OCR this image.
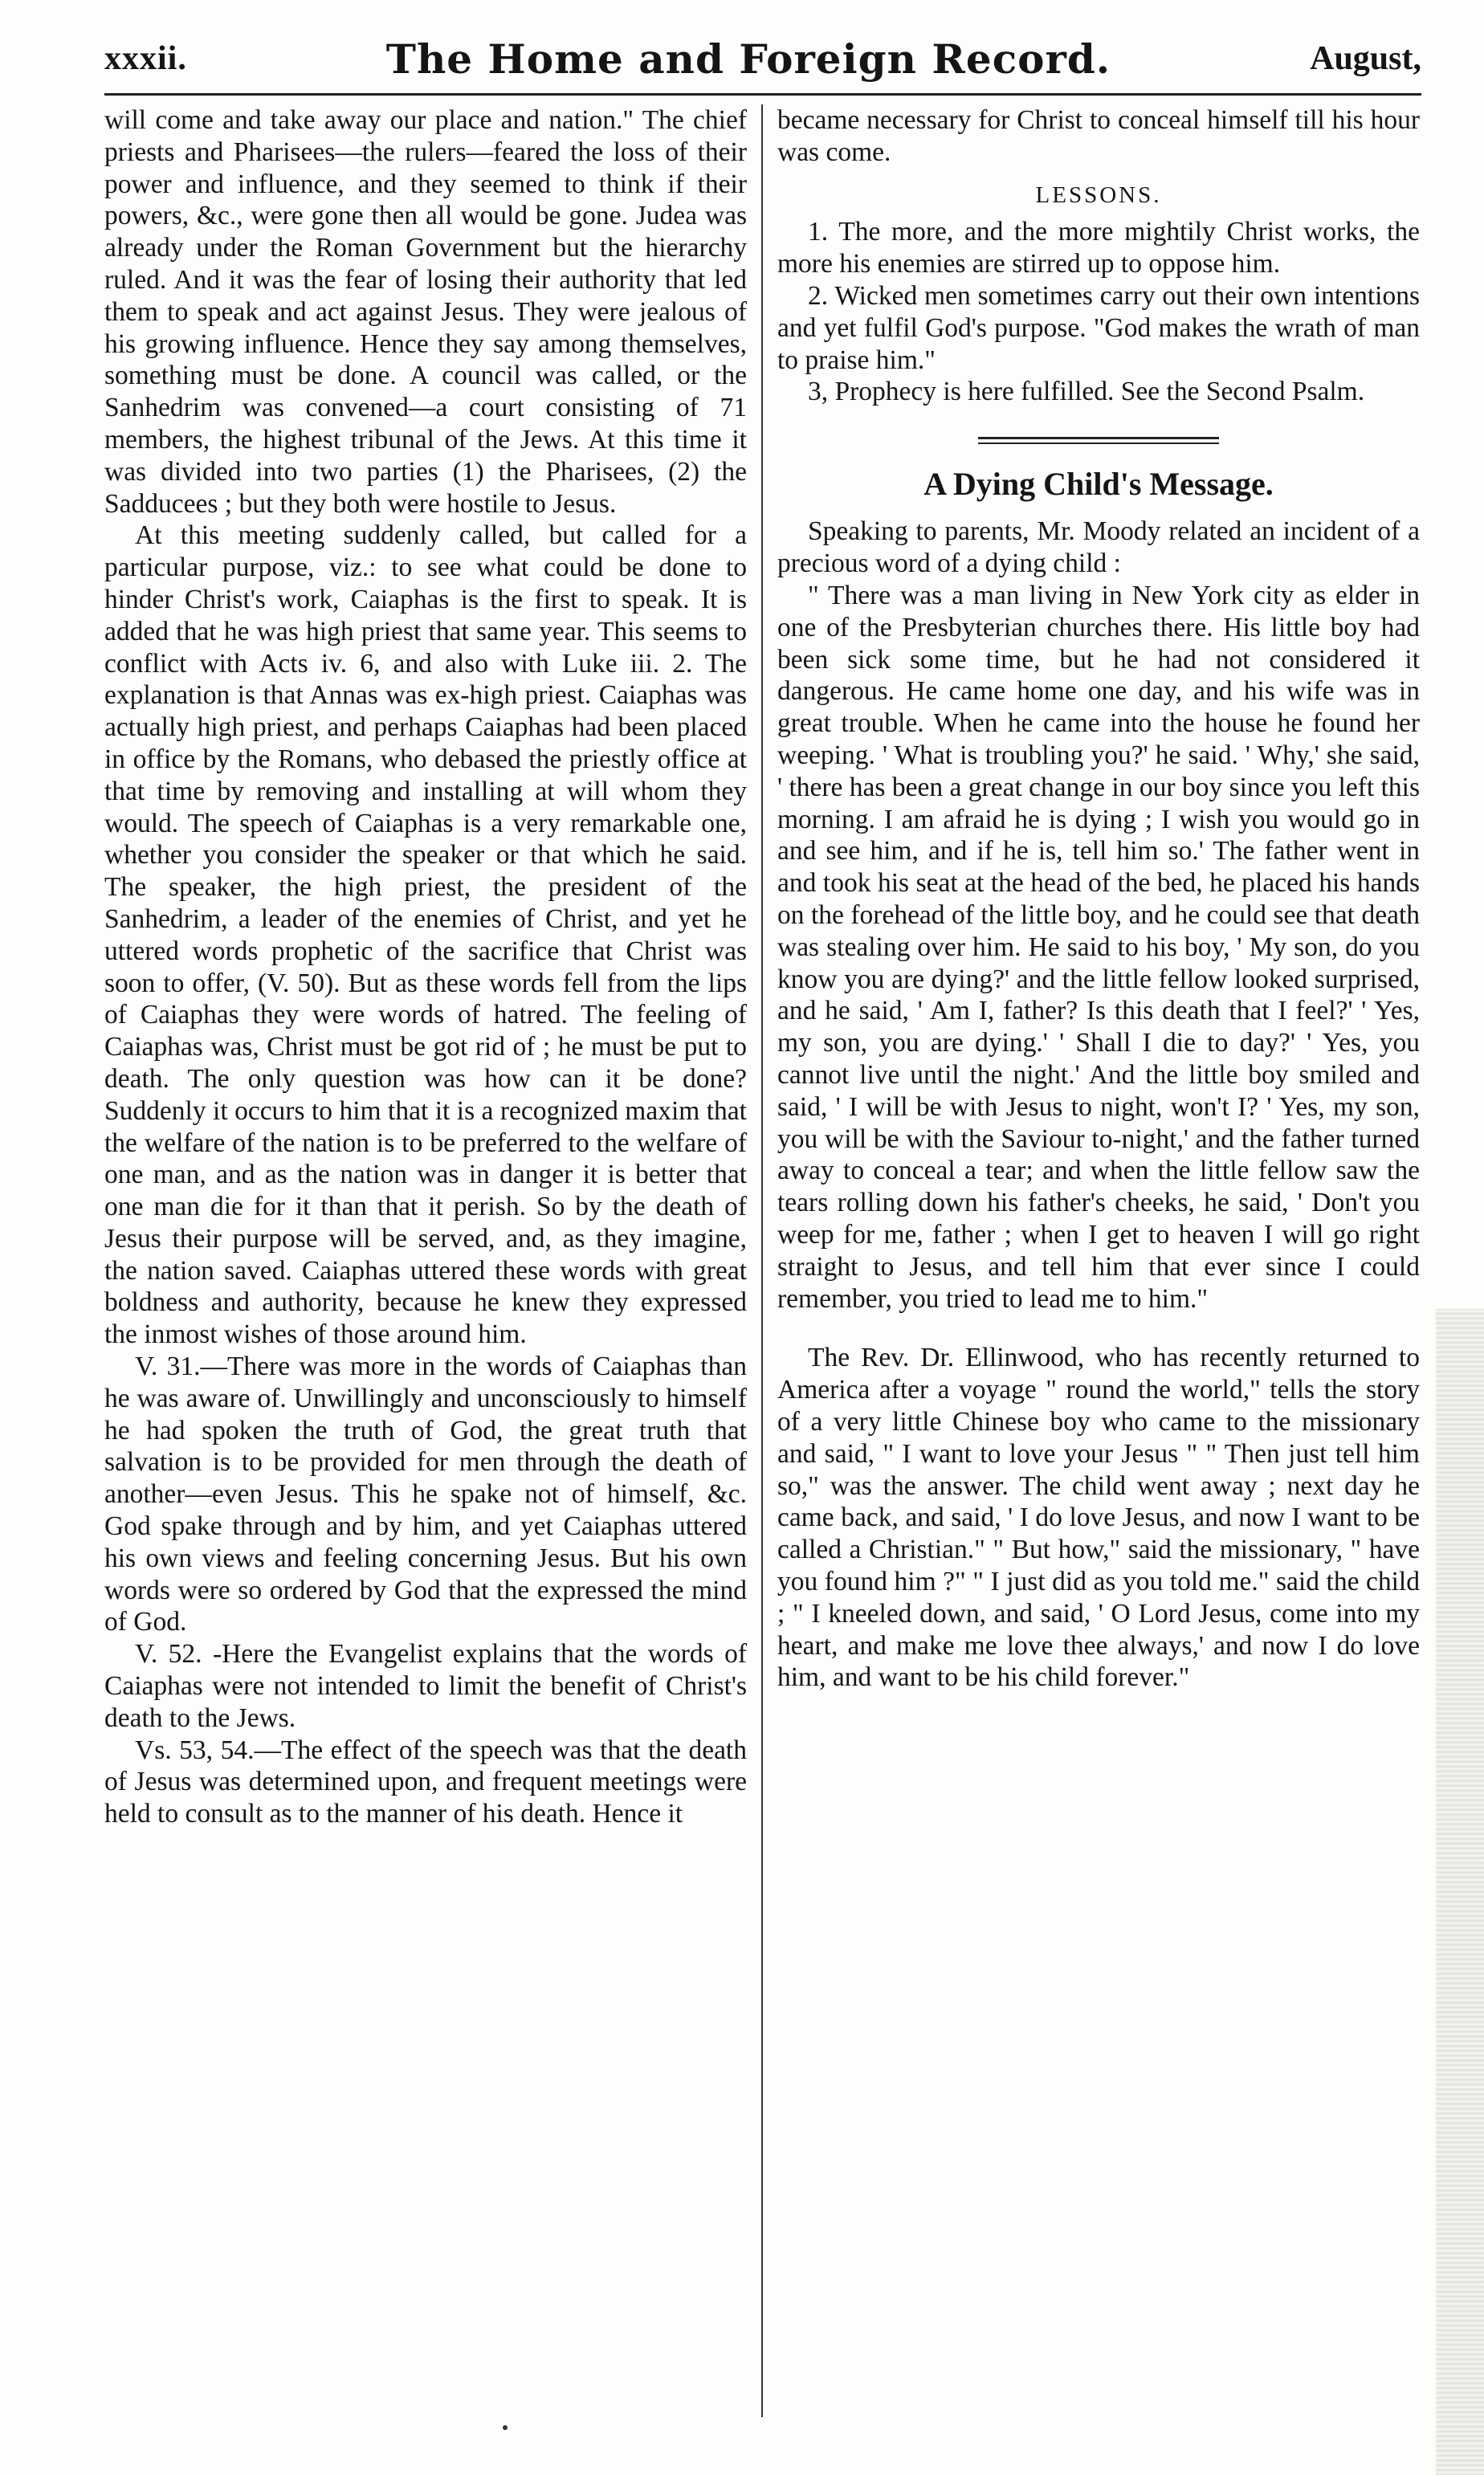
xxxii.	The Home and Foreign Record.	August,

will come and take away our place and nation." The chief priests and Pharisees—the rulers—feared the loss of their power and influence, and they seemed to think if their powers, &c., were gone then all would be gone. Judea was already under the Roman Government but the hierarchy ruled. And it was the fear of losing their authority that led them to speak and act against Jesus. They were jealous of his growing influence. Hence they say among themselves, something must be done. A council was called, or the Sanhedrim was convened—a court consisting of 71 members, the highest tribunal of the Jews. At this time it was divided into two parties (1) the Pharisees, (2) the Sadducees ; but they both were hostile to Jesus.

At this meeting suddenly called, but called for a particular purpose, viz.: to see what could be done to hinder Christ's work, Caiaphas is the first to speak. It is added that he was high priest that same year. This seems to conflict with Acts iv. 6, and also with Luke iii. 2. The explanation is that Annas was ex-high priest. Caiaphas was actually high priest, and perhaps Caiaphas had been placed in office by the Romans, who debased the priestly office at that time by removing and installing at will whom they would. The speech of Caiaphas is a very remarkable one, whether you consider the speaker or that which he said. The speaker, the high priest, the president of the Sanhedrim, a leader of the enemies of Christ, and yet he uttered words prophetic of the sacrifice that Christ was soon to offer, (V. 50). But as these words fell from the lips of Caiaphas they were words of hatred. The feeling of Caiaphas was, Christ must be got rid of ; he must be put to death. The only question was how can it be done? Suddenly it occurs to him that it is a recognized maxim that the welfare of the nation is to be preferred to the welfare of one man, and as the nation was in danger it is better that one man die for it than that it perish. So by the death of Jesus their purpose will be served, and, as they imagine, the nation saved. Caiaphas uttered these words with great boldness and authority, because he knew they expressed the inmost wishes of those around him.

V. 31.—There was more in the words of Caiaphas than he was aware of. Unwillingly and unconsciously to himself he had spoken the truth of God, the great truth that salvation is to be provided for men through the death of another—even Jesus. This he spake not of himself, &c. God spake through and by him, and yet Caiaphas uttered his own views and feeling concerning Jesus. But his own words were so ordered by God that the expressed the mind of God.

V. 52. -Here the Evangelist explains that the words of Caiaphas were not intended to limit the benefit of Christ's death to the Jews.

Vs. 53, 54.—The effect of the speech was that the death of Jesus was determined upon, and frequent meetings were held to consult as to the manner of his death. Hence it

became necessary for Christ to conceal himself till his hour was come.

LESSONS.

1. The more, and the more mightily Christ works, the more his enemies are stirred up to oppose him.

2. Wicked men sometimes carry out their own intentions and yet fulfil God's purpose. "God makes the wrath of man to praise him."

3, Prophecy is here fulfilled. See the Second Psalm.

A Dying Child's Message.

Speaking to parents, Mr. Moody related an incident of a precious word of a dying child :

" There was a man living in New York city as elder in one of the Presbyterian churches there. His little boy had been sick some time, but he had not considered it dangerous. He came home one day, and his wife was in great trouble. When he came into the house he found her weeping. ' What is troubling you?' he said. ' Why,' she said, ' there has been a great change in our boy since you left this morning. I am afraid he is dying ; I wish you would go in and see him, and if he is, tell him so.' The father went in and took his seat at the head of the bed, he placed his hands on the forehead of the little boy, and he could see that death was stealing over him. He said to his boy, ' My son, do you know you are dying?' and the little fellow looked surprised, and he said, ' Am I, father? Is this death that I feel?' ' Yes, my son, you are dying.' ' Shall I die to day?' ' Yes, you cannot live until the night.' And the little boy smiled and said, ' I will be with Jesus to night, won't I? ' Yes, my son, you will be with the Saviour to-night,' and the father turned away to conceal a tear; and when the little fellow saw the tears rolling down his father's cheeks, he said, ' Don't you weep for me, father ; when I get to heaven I will go right straight to Jesus, and tell him that ever since I could remember, you tried to lead me to him."

The Rev. Dr. Ellinwood, who has recently returned to America after a voyage " round the world," tells the story of a very little Chinese boy who came to the missionary and said, " I want to love your Jesus " " Then just tell him so," was the answer. The child went away ; next day he came back, and said, ' I do love Jesus, and now I want to be called a Christian." " But how," said the missionary, " have you found him ?" " I just did as you told me." said the child ; " I kneeled down, and said, ' O Lord Jesus, come into my heart, and make me love thee always,' and now I do love him, and want to be his child forever."
